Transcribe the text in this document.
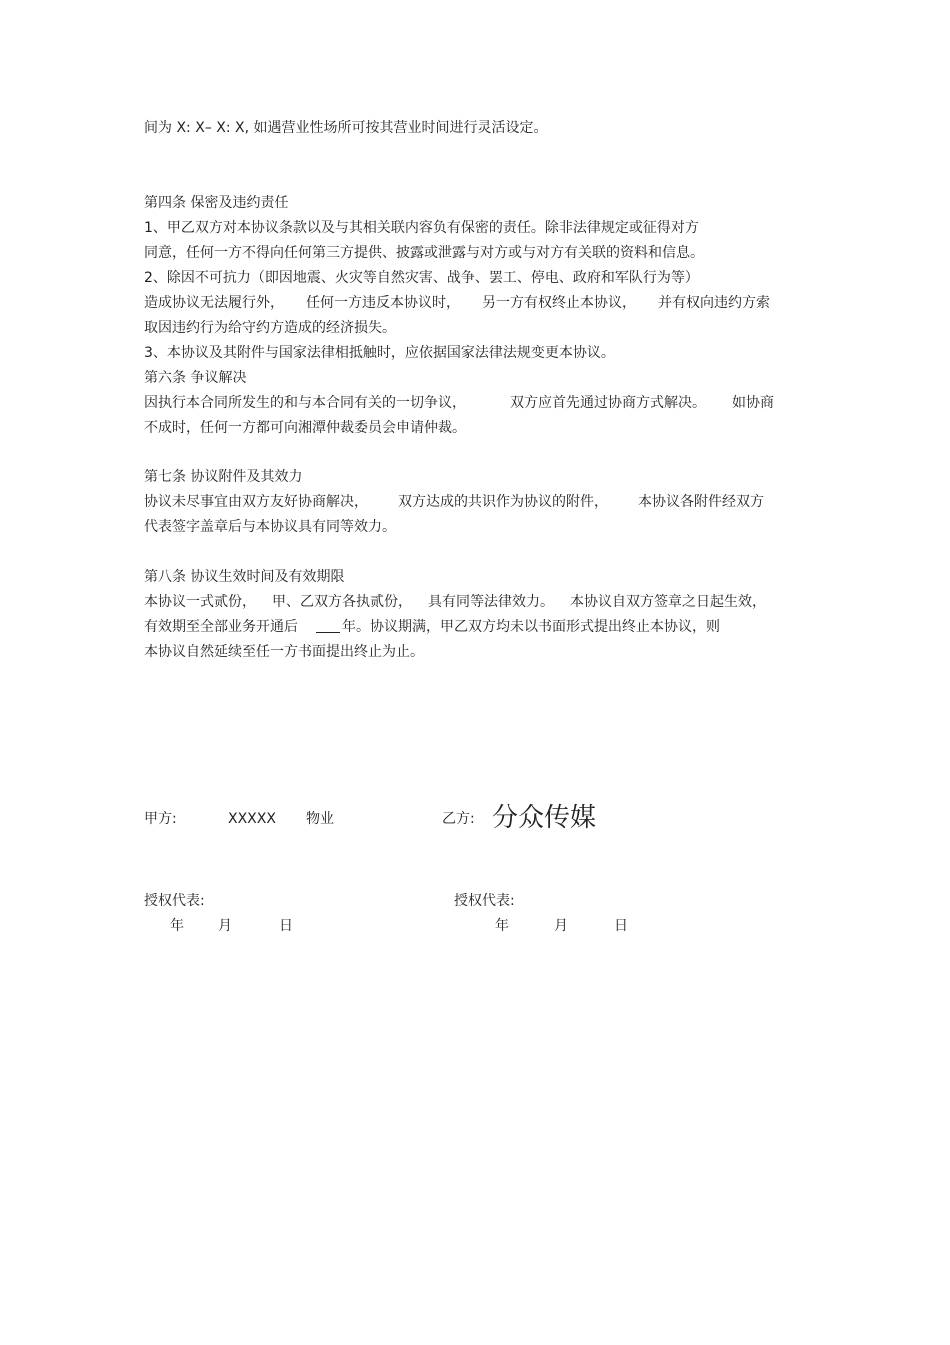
间为 X: X– X: X, 如遇营业性场所可按其营业时间进行灵活设定。
第四条 保密及违约责任
1、甲乙双方对本协议条款以及与其相关联内容负有保密的责任。除非法律规定或征得对方
同意，任何一方不得向任何第三方提供、披露或泄露与对方或与对方有关联的资料和信息。
2、除因不可抗力（即因地震、火灾等自然灾害、战争、罢工、停电、政府和军队行为等）
造成协议无法履行外， 任何一方违反本协议时， 另一方有权终止本协议， 并有权向违约方索
取因违约行为给守约方造成的经济损失。
3、本协议及其附件与国家法律相抵触时，应依据国家法律法规变更本协议。
第六条 争议解决
因执行本合同所发生的和与本合同有关的一切争议，	双方应首先通过协商方式解决。 如协商
不成时，任何一方都可向湘潭仲裁委员会申请仲裁。
第七条 协议附件及其效力
协议未尽事宜由双方友好协商解决， 双方达成的共识作为协议的附件， 本协议各附件经双方
代表签字盖章后与本协议具有同等效力。
第八条 协议生效时间及有效期限
本协议一式贰份， 甲、乙双方各执贰份， 具有同等法律效力。 本协议自双方签章之日起生效，
有效期至全部业务开通后	年。协议期满，甲乙双方均未以书面形式提出终止本协议，则
本协议自然延续至任一方书面提出终止为止。
甲方:	XXXXX 物业	乙方: 分众传媒
授权代表:	授权代表:
年 月	日	年	月	日
